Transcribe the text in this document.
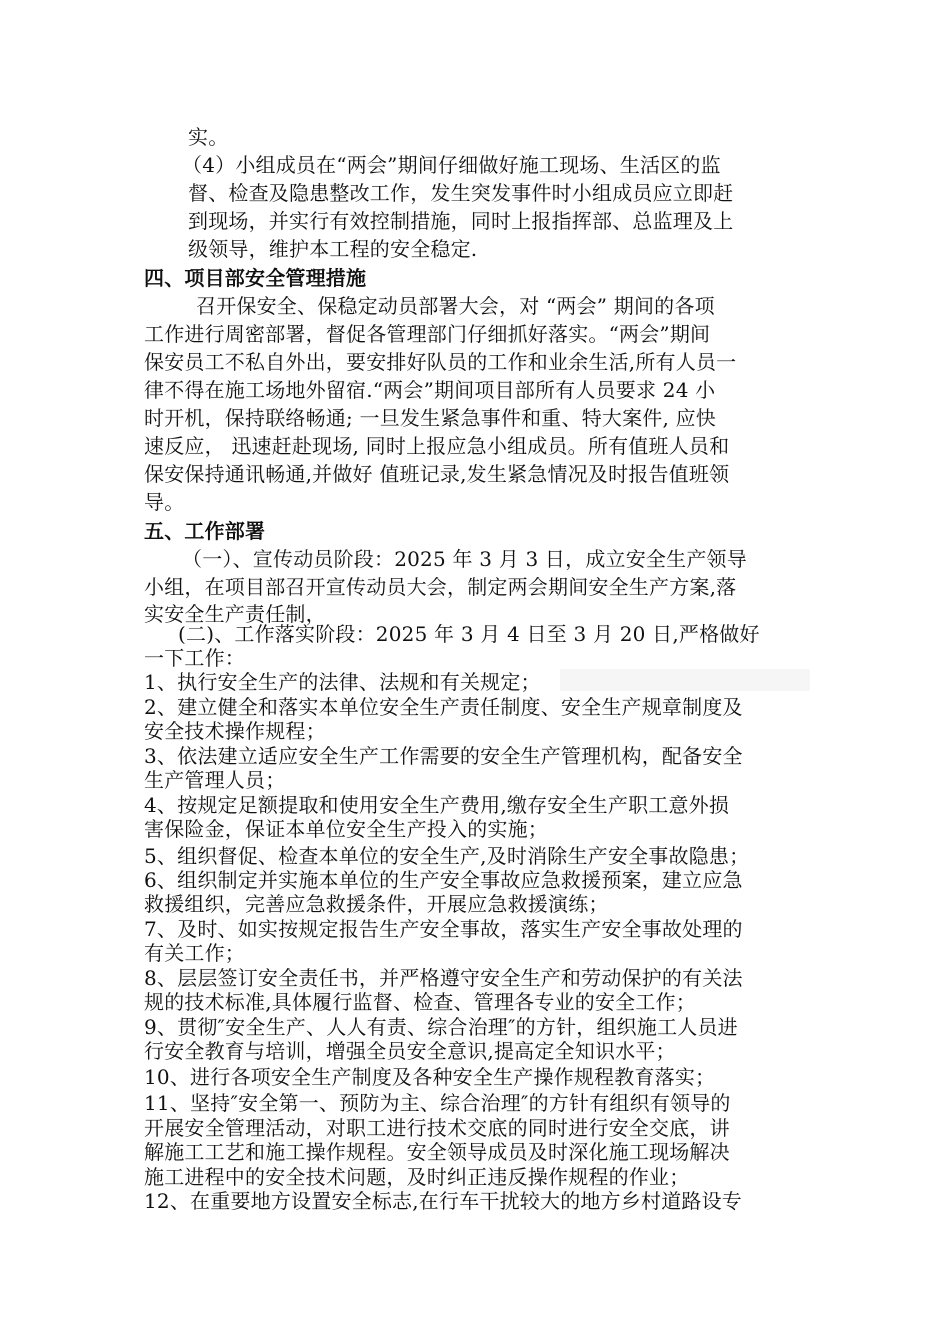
实。
（4）小组成员在“两会”期间仔细做好施工现场、生活区的监
督、检查及隐患整改工作，发生突发事件时小组成员应立即赶
到现场，并实行有效控制措施，同时上报指挥部、总监理及上
级领导，维护本工程的安全稳定.
四、项目部安全管理措施
召开保安全、保稳定动员部署大会，对 “两会” 期间的各项
工作进行周密部署，督促各管理部门仔细抓好落实。“两会”期间
保安员工不私自外出，要安排好队员的工作和业余生活,所有人员一
律不得在施工场地外留宿.“两会”期间项目部所有人员要求 24 小
时开机，保持联络畅通; 一旦发生紧急事件和重、特大案件, 应快
速反应， 迅速赶赴现场, 同时上报应急小组成员。所有值班人员和
保安保持通讯畅通,并做好 值班记录,发生紧急情况及时报告值班领
导。
五、工作部署
（一）、宣传动员阶段：2025 年 3 月 3 日，成立安全生产领导
小组，在项目部召开宣传动员大会，制定两会期间安全生产方案,落
实安全生产责任制，
(二)、工作落实阶段：2025 年 3 月 4 日至 3 月 20 日,严格做好
一下工作：
1、执行安全生产的法律、法规和有关规定；
2、建立健全和落实本单位安全生产责任制度、安全生产规章制度及
安全技术操作规程；
3、依法建立适应安全生产工作需要的安全生产管理机构，配备安全
生产管理人员；
4、按规定足额提取和使用安全生产费用,缴存安全生产职工意外损
害保险金，保证本单位安全生产投入的实施；
5、组织督促、检查本单位的安全生产,及时消除生产安全事故隐患；
6、组织制定并实施本单位的生产安全事故应急救援预案，建立应急
救援组织，完善应急救援条件，开展应急救援演练；
7、及时、如实按规定报告生产安全事故，落实生产安全事故处理的
有关工作；
8、层层签订安全责任书，并严格遵守安全生产和劳动保护的有关法
规的技术标准,具体履行监督、检查、管理各专业的安全工作；
9、贯彻″安全生产、人人有责、综合治理″的方针，组织施工人员进
行安全教育与培训，增强全员安全意识,提高定全知识水平；
10、进行各项安全生产制度及各种安全生产操作规程教育落实；
11、坚持″安全第一、预防为主、综合治理″的方针有组织有领导的
开展安全管理活动，对职工进行技术交底的同时进行安全交底，讲
解施工工艺和施工操作规程。安全领导成员及时深化施工现场解决
施工进程中的安全技术问题，及时纠正违反操作规程的作业；
12、在重要地方设置安全标志,在行车干扰较大的地方乡村道路设专
